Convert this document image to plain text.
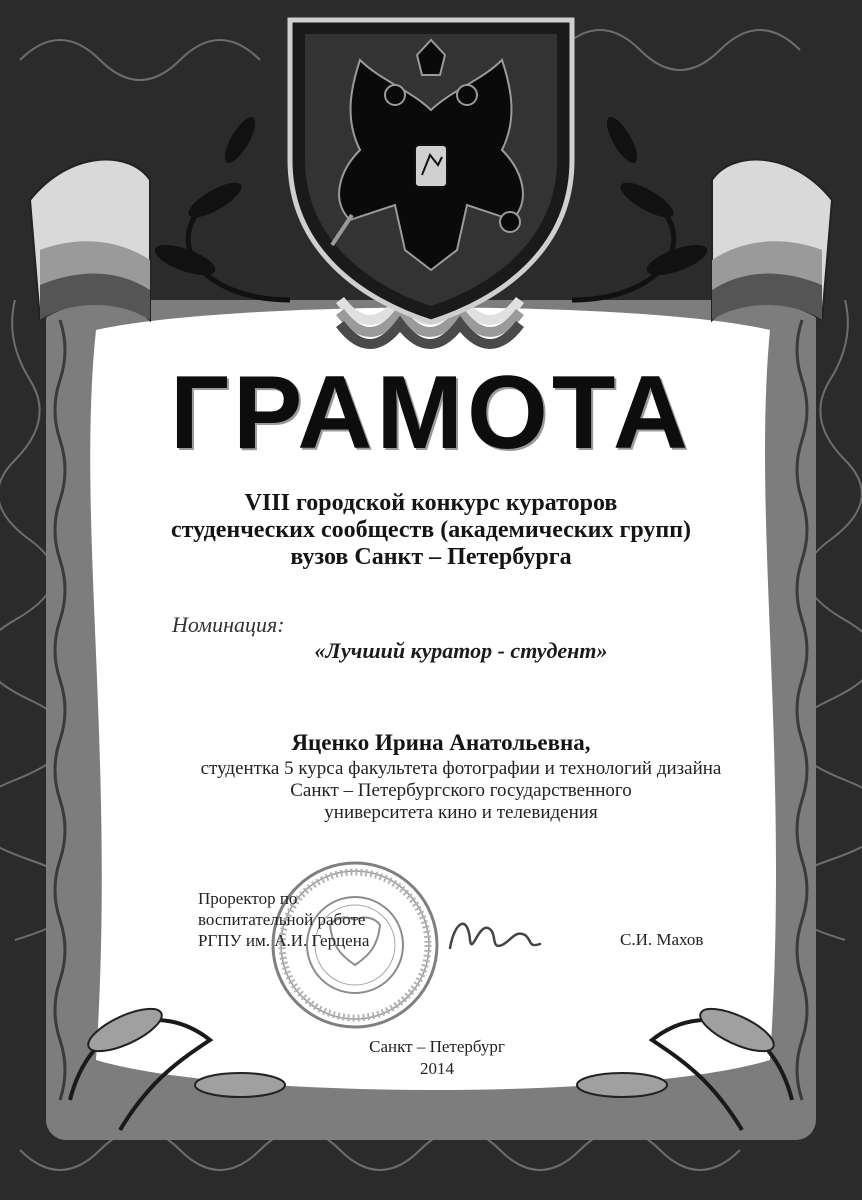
ГРАМОТА
VIII городской конкурс кураторов
студенческих сообществ (академических групп)
вузов Санкт – Петербурга
Номинация:
«Лучший куратор - студент»
Яценко Ирина Анатольевна,
студентка 5 курса факультета фотографии и технологий дизайна
Санкт – Петербургского государственного
университета кино и телевидения
Проректор по
воспитательной работе
РГПУ им. А.И. Герцена	С.И. Махов
Санкт – Петербург
2014
